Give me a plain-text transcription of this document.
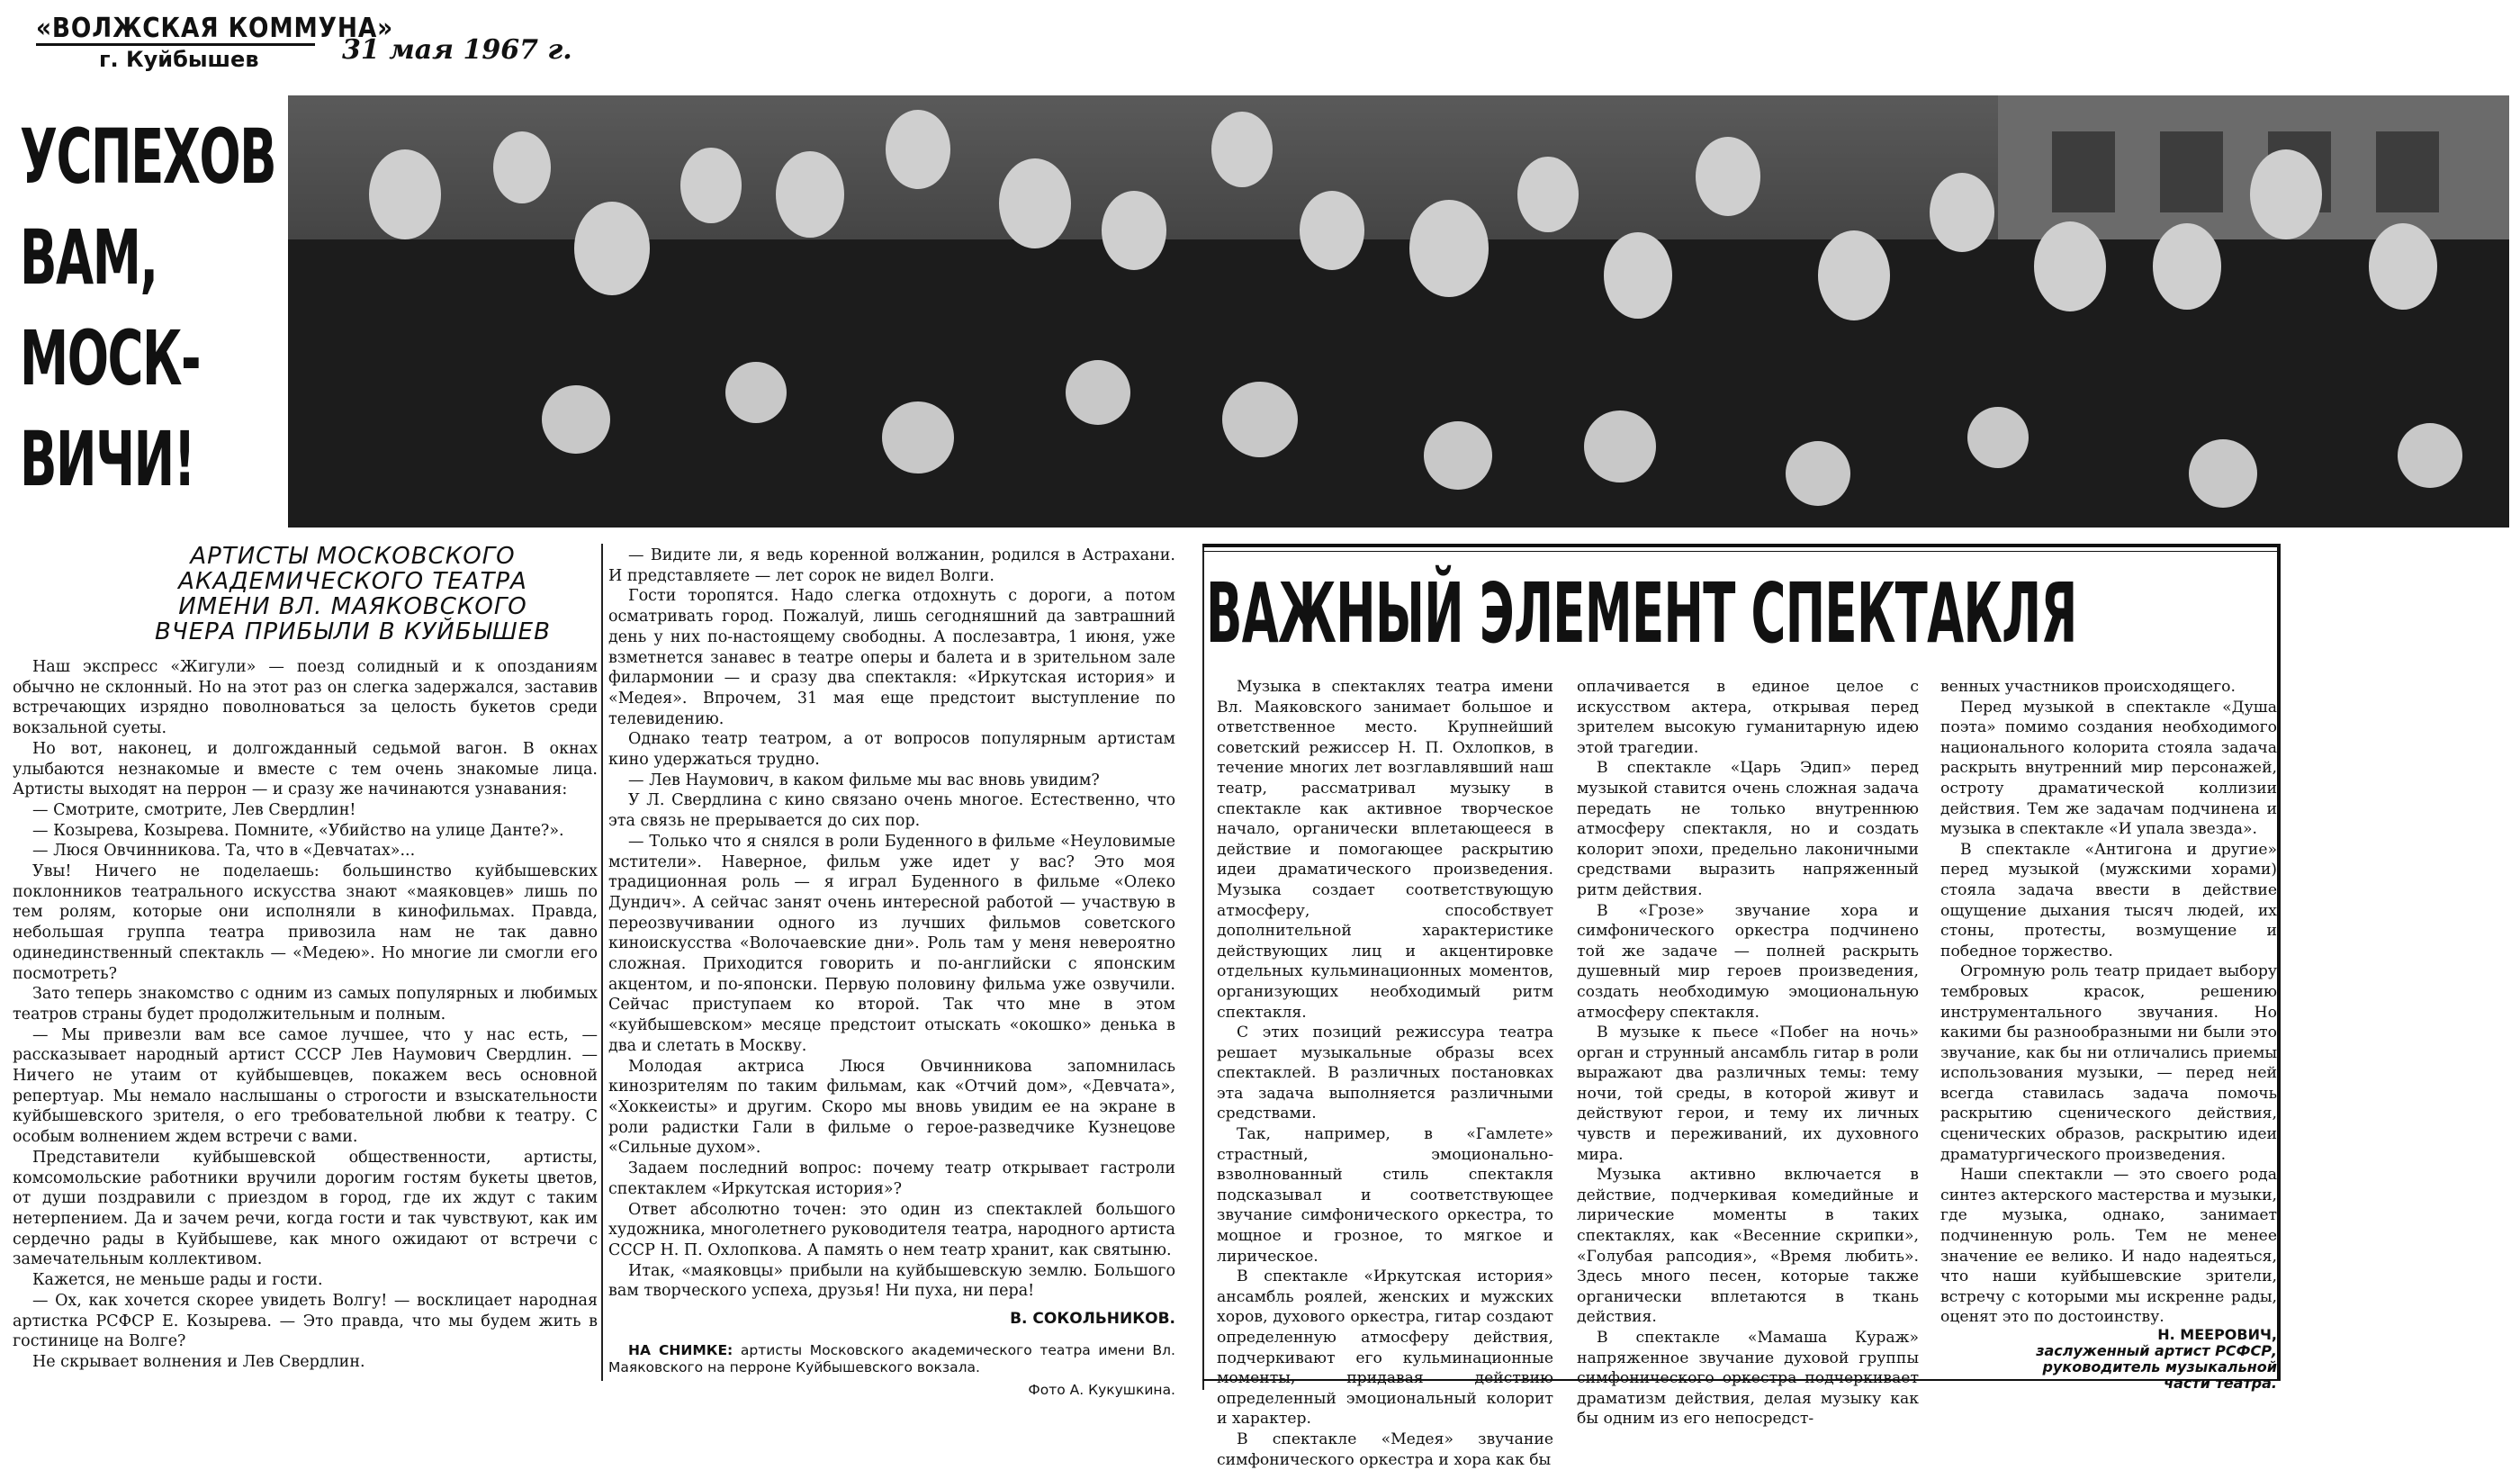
«ВОЛЖСКАЯ КОММУНА»
г. Куйбышев	31 мая 1967 г.
УСПЕХОВ
ВАМ,
МОСК-
ВИЧИ!
АРТИСТЫ МОСКОВСКОГО
АКАДЕМИЧЕСКОГО ТЕАТРА
ИМЕНИ ВЛ. МАЯКОВСКОГО
ВЧЕРА ПРИБЫЛИ В КУЙБЫШЕВ

Наш экспресс «Жигули» — поезд солидный и к опозданиям обычно не склонный. Но на этот раз он слегка задержался, заставив встречающих изрядно поволноваться за целость букетов среди вокзальной суеты.

Но вот, наконец, и долгожданный седьмой вагон. В окнах улыбаются незнакомые и вместе с тем очень знакомые лица. Артисты выходят на перрон — и сразу же начинаются узнавания:

— Смотрите, смотрите, Лев Свердлин!

— Козырева, Козырева. Помните, «Убийство на улице Данте?».

— Люся Овчинникова. Та, что в «Девчатах»...

Увы! Ничего не поделаешь: большинство куйбышевских поклонников театрального искусства знают «маяковцев» лишь по тем ролям, которые они исполняли в кинофильмах. Правда, небольшая группа театра привозила нам не так давно одинединственный спектакль — «Медею». Но многие ли смогли его посмотреть?

Зато теперь знакомство с одним из самых популярных и любимых театров страны будет продолжительным и полным.

— Мы привезли вам все самое лучшее, что у нас есть, — рассказывает народный артист СССР Лев Наумович Свердлин. — Ничего не утаим от куйбышевцев, покажем весь основной репертуар. Мы немало наслышаны о строгости и взыскательности куйбышевского зрителя, о его требовательной любви к театру. С особым волнением ждем встречи с вами.

Представители куйбышевской общественности, артисты, комсомольские работники вручили дорогим гостям букеты цветов, от души поздравили с приездом в город, где их ждут с таким нетерпением. Да и зачем речи, когда гости и так чувствуют, как им сердечно рады в Куйбышеве, как много ожидают от встречи с замечательным коллективом.

Кажется, не меньше рады и гости.

— Ох, как хочется скорее увидеть Волгу! — восклицает народная артистка РСФСР Е. Козырева. — Это правда, что мы будем жить в гостинице на Волге?

Не скрывает волнения и Лев Свердлин.

— Видите ли, я ведь коренной волжанин, родился в Астрахани. И представляете — лет сорок не видел Волги.

Гости торопятся. Надо слегка отдохнуть с дороги, а потом осматривать город. Пожалуй, лишь сегодняшний да завтрашний день у них по-настоящему свободны. А послезавтра, 1 июня, уже взметнется занавес в театре оперы и балета и в зрительном зале филармонии — и сразу два спектакля: «Иркутская история» и «Медея». Впрочем, 31 мая еще предстоит выступление по телевидению.

Однако театр театром, а от вопросов популярным артистам кино удержаться трудно.

— Лев Наумович, в каком фильме мы вас вновь увидим?

У Л. Свердлина с кино связано очень многое. Естественно, что эта связь не прерывается до сих пор.

— Только что я снялся в роли Буденного в фильме «Неуловимые мстители». Наверное, фильм уже идет у вас? Это моя традиционная роль — я играл Буденного в фильме «Олеко Дундич». А сейчас занят очень интересной работой — участвую в переозвучивании одного из лучших фильмов советского киноискусства «Волочаевские дни». Роль там у меня невероятно сложная. Приходится говорить и по-английски с японским акцентом, и по-японски. Первую половину фильма уже озвучили. Сейчас приступаем ко второй. Так что мне в этом «куйбышевском» месяце предстоит отыскать «окошко» денька в два и слетать в Москву.

Молодая актриса Люся Овчинникова запомнилась кинозрителям по таким фильмам, как «Отчий дом», «Девчата», «Хоккеисты» и другим. Скоро мы вновь увидим ее на экране в роли радистки Гали в фильме о герое-разведчике Кузнецове «Сильные духом».

Задаем последний вопрос: почему театр открывает гастроли спектаклем «Иркутская история»?

Ответ абсолютно точен: это один из спектаклей большого художника, многолетнего руководителя театра, народного артиста СССР Н. П. Охлопкова. А память о нем театр хранит, как святыню.

Итак, «маяковцы» прибыли на куйбышевскую землю. Большого вам творческого успеха, друзья! Ни пуха, ни пера!

В. СОКОЛЬНИКОВ.

НА СНИМКЕ: артисты Московского академического театра имени Вл. Маяковского на перроне Куйбышевского вокзала.

Фото А. Кукушкина.

ВАЖНЫЙ ЭЛЕМЕНТ СПЕКТАКЛЯ

Музыка в спектаклях театра имени Вл. Маяковского занимает большое и ответственное место. Крупнейший советский режиссер Н. П. Охлопков, в течение многих лет возглавлявший наш театр, рассматривал музыку в спектакле как активное творческое начало, органически вплетающееся в действие и помогающее раскрытию идеи драматического произведения. Музыка создает соответствующую атмосферу, способствует дополнительной характеристике действующих лиц и акцентировке отдельных кульминационных моментов, организующих необходимый ритм спектакля.

С этих позиций режиссура театра решает музыкальные образы всех спектаклей. В различных постановках эта задача выполняется различными средствами.

Так, например, в «Гамлете» страстный, эмоционально-взволнованный стиль спектакля подсказывал и соответствующее звучание симфонического оркестра, то мощное и грозное, то мягкое и лирическое.

В спектакле «Иркутская история» ансамбль роялей, женских и мужских хоров, духового оркестра, гитар создают определенную атмосферу действия, подчеркивают его кульминационные моменты, придавая действию определенный эмоциональный колорит и характер.

В спектакле «Медея» звучание симфонического оркестра и хора как бы

оплачивается в единое целое с искусством актера, открывая перед зрителем высокую гуманитарную идею этой трагедии.

В спектакле «Царь Эдип» перед музыкой ставится очень сложная задача передать не только внутреннюю атмосферу спектакля, но и создать колорит эпохи, предельно лаконичными средствами выразить напряженный ритм действия.

В «Грозе» звучание хора и симфонического оркестра подчинено той же задаче — полней раскрыть душевный мир героев произведения, создать необходимую эмоциональную атмосферу спектакля.

В музыке к пьесе «Побег на ночь» орган и струнный ансамбль гитар в роли выражают два различных темы: тему ночи, той среды, в которой живут и действуют герои, и тему их личных чувств и переживаний, их духовного мира.

Музыка активно включается в действие, подчеркивая комедийные и лирические моменты в таких спектаклях, как «Весенние скрипки», «Голубая рапсодия», «Время любить». Здесь много песен, которые также органически вплетаются в ткань действия.

В спектакле «Мамаша Кураж» напряженное звучание духовой группы симфонического оркестра подчеркивает драматизм действия, делая музыку как бы одним из его непосредст-

венных участников происходящего.

Перед музыкой в спектакле «Душа поэта» помимо создания необходимого национального колорита стояла задача раскрыть внутренний мир персонажей, остроту драматической коллизии действия. Тем же задачам подчинена и музыка в спектакле «И упала звезда».

В спектакле «Антигона и другие» перед музыкой (мужскими хорами) стояла задача ввести в действие ощущение дыхания тысяч людей, их стоны, протесты, возмущение и победное торжество.

Огромную роль театр придает выбору тембровых красок, решению инструментального звучания. Но какими бы разнообразными ни были это звучание, как бы ни отличались приемы использования музыки, — перед ней всегда ставилась задача помочь раскрытию сценического действия, сценических образов, раскрытию идеи драматургического произведения.

Наши спектакли — это своего рода синтез актерского мастерства и музыки, где музыка, однако, занимает подчиненную роль. Тем не менее значение ее велико. И надо надеяться, что наши куйбышевские зрители, встречу с которыми мы искренне рады, оценят это по достоинству.

Н. МЕЕРОВИЧ,
заслуженный артист РСФСР,
руководитель музыкальной
части театра.
